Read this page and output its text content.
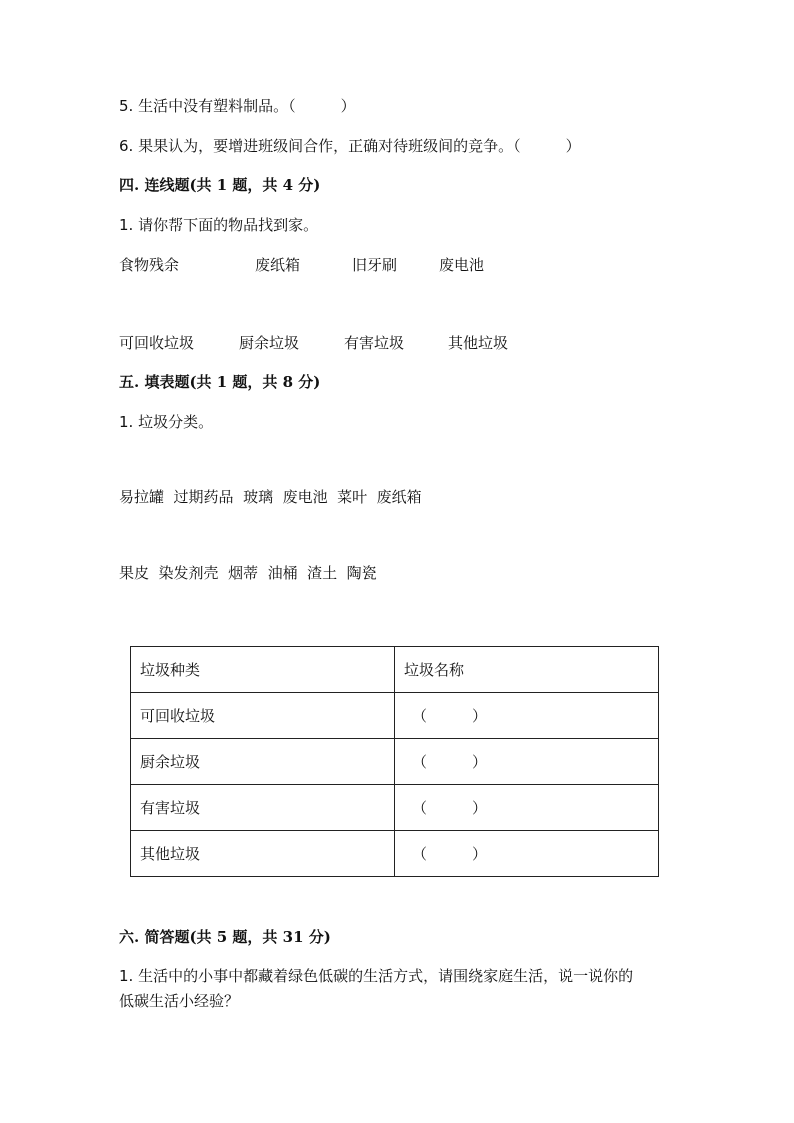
5. 生活中没有塑料制品。（　　　）
6. 果果认为，要增进班级间合作，正确对待班级间的竞争。（　　　）
四. 连线题(共 1 题，共 4 分)
1. 请你帮下面的物品找到家。
食物残余	废纸箱	旧牙刷	废电池
可回收垃圾	厨余垃圾	有害垃圾	其他垃圾
五. 填表题(共 1 题，共 8 分)
1. 垃圾分类。
易拉罐  过期药品  玻璃  废电池  菜叶  废纸箱
果皮  染发剂壳  烟蒂  油桶  渣土  陶瓷
垃圾种类	垃圾名称
可回收垃圾	（　　　）
厨余垃圾	（　　　）
有害垃圾	（　　　）
其他垃圾	（　　　）
六. 简答题(共 5 题，共 31 分)
1. 生活中的小事中都藏着绿色低碳的生活方式，请围绕家庭生活，说一说你的
低碳生活小经验？
